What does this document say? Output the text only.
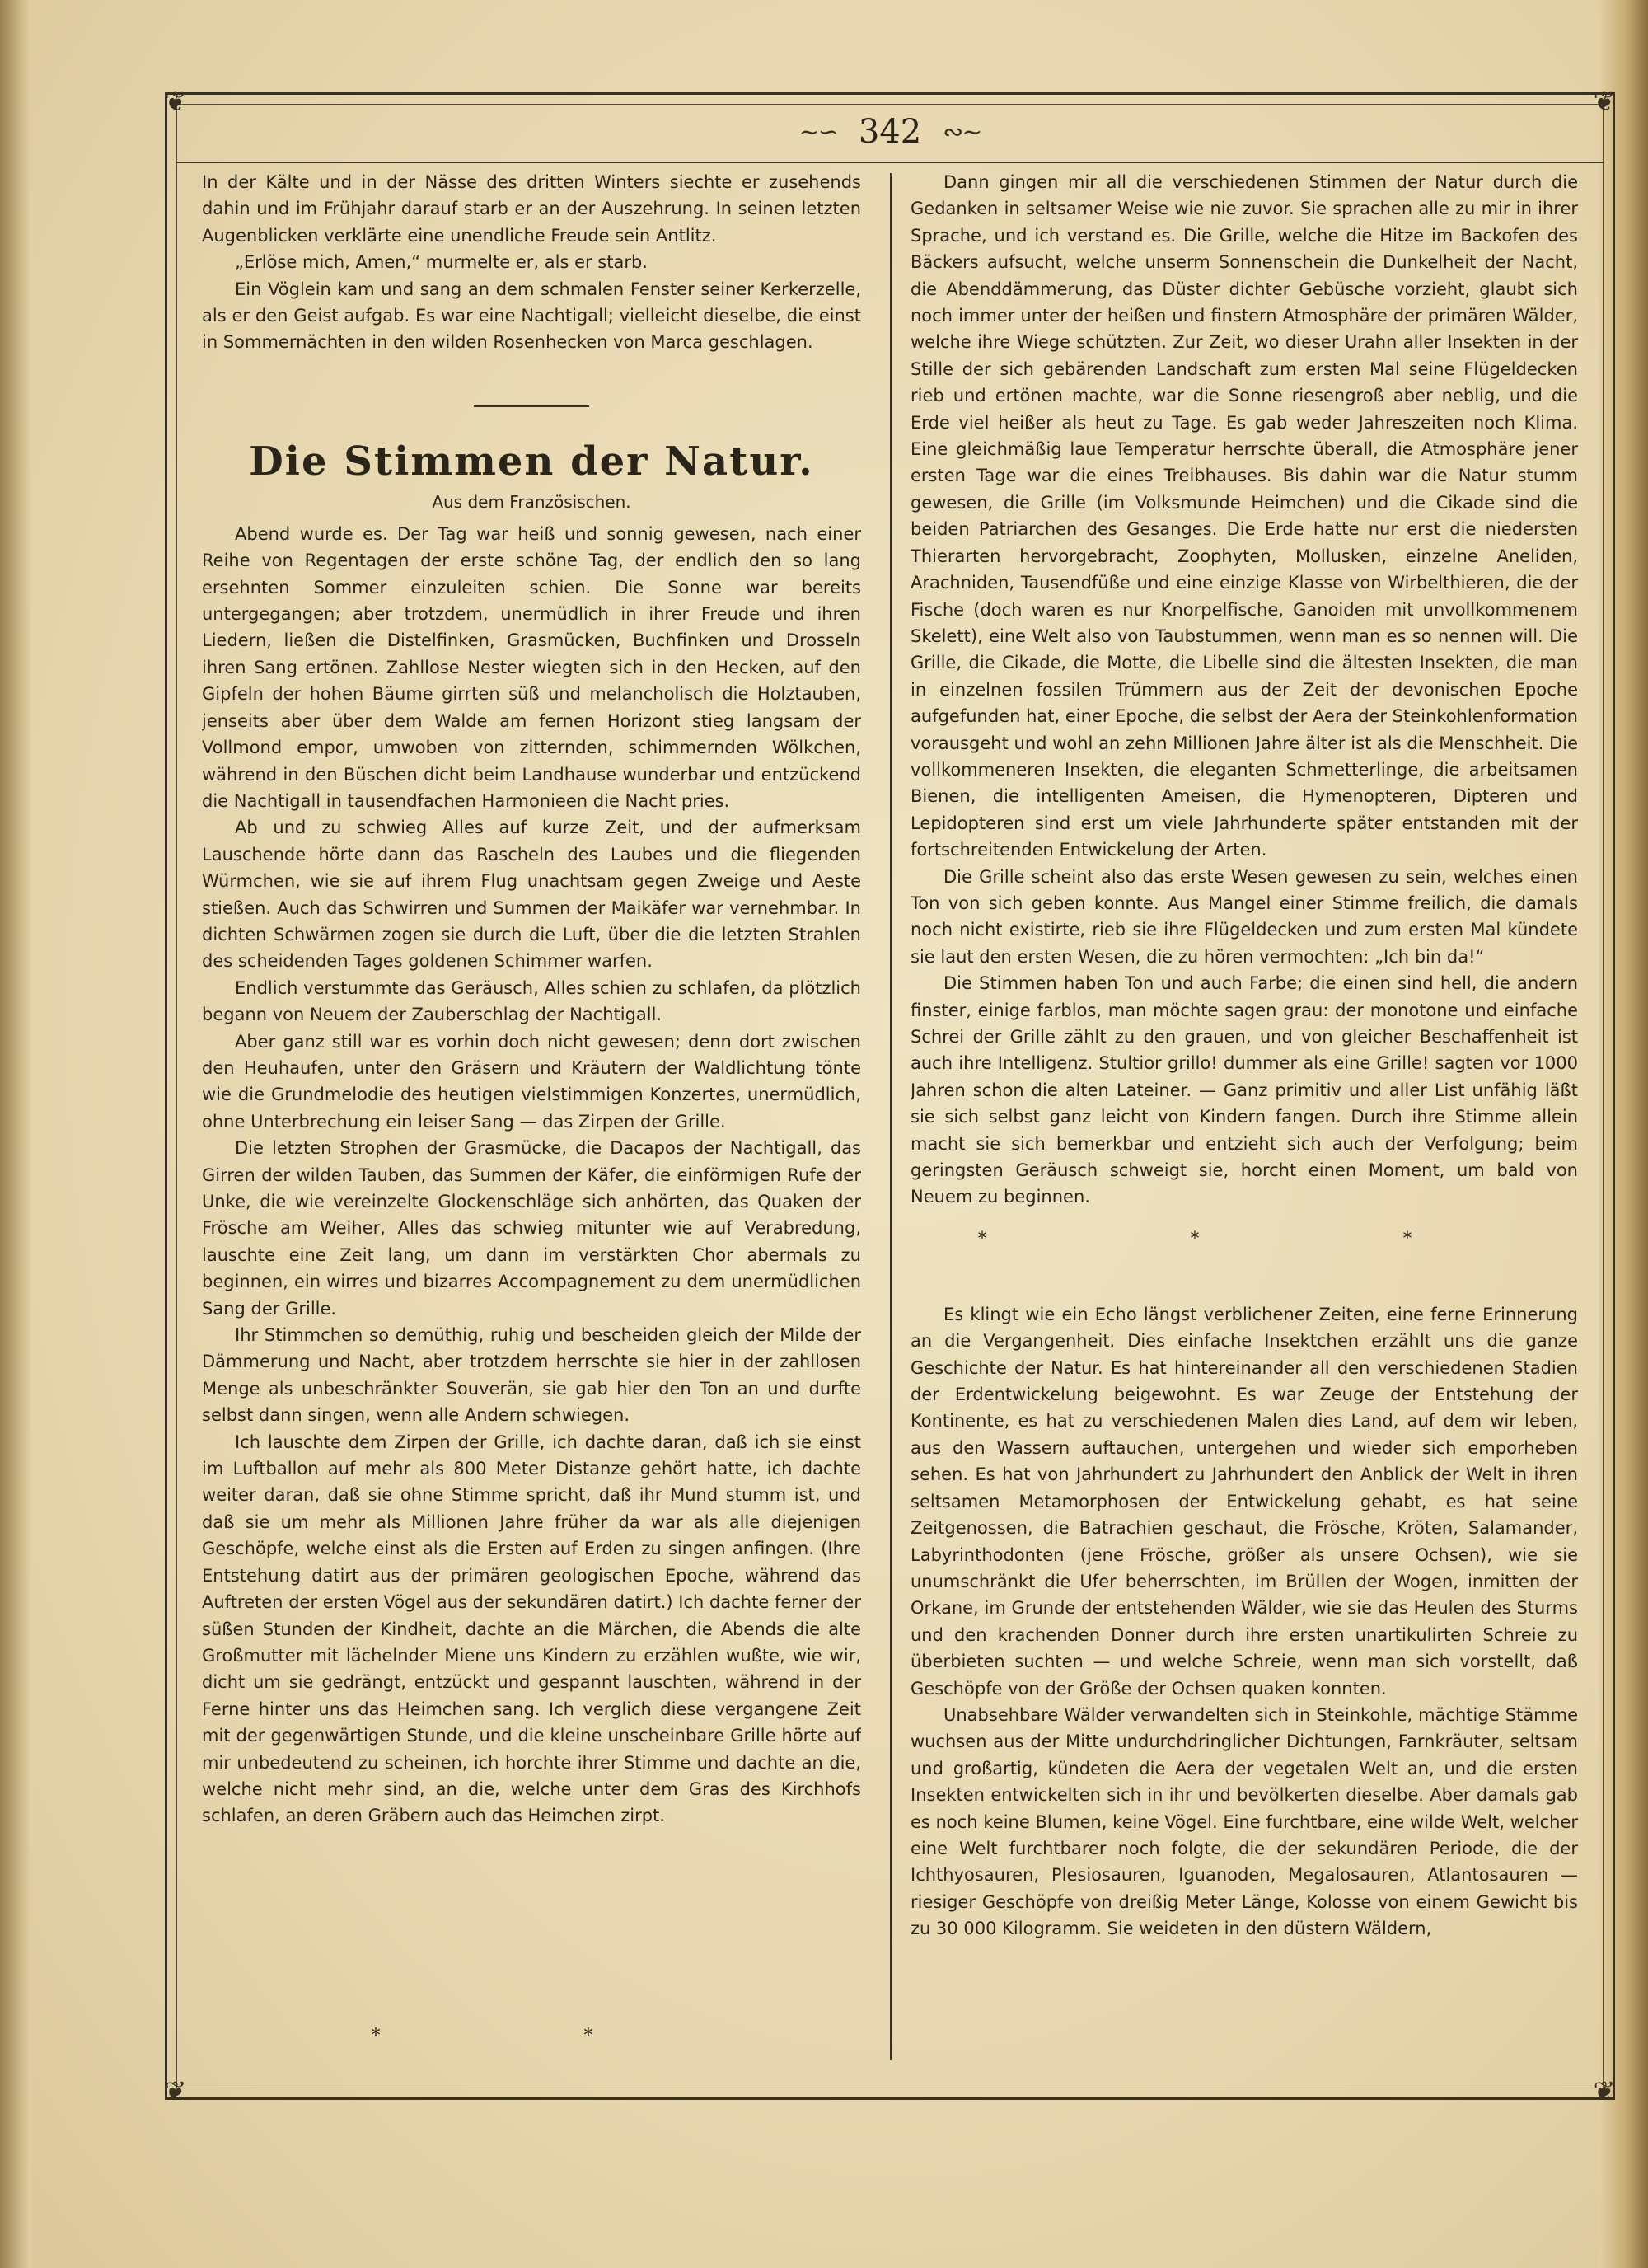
❦	❦
❦	❦
~∽ 342 ∾~

In der Kälte und in der Nässe des dritten Winters siechte er zusehends dahin und im Frühjahr darauf starb er an der Auszehrung. In seinen letzten Augenblicken verklärte eine unendliche Freude sein Antlitz.

„Erlöse mich, Amen,“ murmelte er, als er starb.

Ein Vöglein kam und sang an dem schmalen Fenster seiner Kerkerzelle, als er den Geist aufgab. Es war eine Nachtigall; vielleicht dieselbe, die einst in Sommernächten in den wilden Rosenhecken von Marca geschlagen.

Die Stimmen der Natur.
Aus dem Französischen.

Abend wurde es. Der Tag war heiß und sonnig gewesen, nach einer Reihe von Regentagen der erste schöne Tag, der endlich den so lang ersehnten Sommer einzuleiten schien. Die Sonne war bereits untergegangen; aber trotzdem, unermüdlich in ihrer Freude und ihren Liedern, ließen die Distelfinken, Grasmücken, Buchfinken und Drosseln ihren Sang ertönen. Zahllose Nester wiegten sich in den Hecken, auf den Gipfeln der hohen Bäume girrten süß und melancholisch die Holztauben, jenseits aber über dem Walde am fernen Horizont stieg langsam der Vollmond empor, umwoben von zitternden, schimmernden Wölkchen, während in den Büschen dicht beim Landhause wunderbar und entzückend die Nachtigall in tausendfachen Harmonieen die Nacht pries.

Ab und zu schwieg Alles auf kurze Zeit, und der aufmerksam Lauschende hörte dann das Rascheln des Laubes und die fliegenden Würmchen, wie sie auf ihrem Flug unachtsam gegen Zweige und Aeste stießen. Auch das Schwirren und Summen der Maikäfer war vernehmbar. In dichten Schwärmen zogen sie durch die Luft, über die die letzten Strahlen des scheidenden Tages goldenen Schimmer warfen.

Endlich verstummte das Geräusch, Alles schien zu schlafen, da plötzlich begann von Neuem der Zauberschlag der Nachtigall.

Aber ganz still war es vorhin doch nicht gewesen; denn dort zwischen den Heuhaufen, unter den Gräsern und Kräutern der Waldlichtung tönte wie die Grundmelodie des heutigen vielstimmigen Konzertes, unermüdlich, ohne Unterbrechung ein leiser Sang — das Zirpen der Grille.

Die letzten Strophen der Grasmücke, die Dacapos der Nachtigall, das Girren der wilden Tauben, das Summen der Käfer, die einförmigen Rufe der Unke, die wie vereinzelte Glockenschläge sich anhörten, das Quaken der Frösche am Weiher, Alles das schwieg mitunter wie auf Verabredung, lauschte eine Zeit lang, um dann im verstärkten Chor abermals zu beginnen, ein wirres und bizarres Accompagnement zu dem unermüdlichen Sang der Grille.

Ihr Stimmchen so demüthig, ruhig und bescheiden gleich der Milde der Dämmerung und Nacht, aber trotzdem herrschte sie hier in der zahllosen Menge als unbeschränkter Souverän, sie gab hier den Ton an und durfte selbst dann singen, wenn alle Andern schwiegen.

Ich lauschte dem Zirpen der Grille, ich dachte daran, daß ich sie einst im Luftballon auf mehr als 800 Meter Distanze gehört hatte, ich dachte weiter daran, daß sie ohne Stimme spricht, daß ihr Mund stumm ist, und daß sie um mehr als Millionen Jahre früher da war als alle diejenigen Geschöpfe, welche einst als die Ersten auf Erden zu singen anfingen. (Ihre Entstehung datirt aus der primären geologischen Epoche, während das Auftreten der ersten Vögel aus der sekundären datirt.) Ich dachte ferner der süßen Stunden der Kindheit, dachte an die Märchen, die Abends die alte Großmutter mit lächelnder Miene uns Kindern zu erzählen wußte, wie wir, dicht um sie gedrängt, entzückt und gespannt lauschten, während in der Ferne hinter uns das Heimchen sang. Ich verglich diese vergangene Zeit mit der gegenwärtigen Stunde, und die kleine unscheinbare Grille hörte auf mir unbedeutend zu scheinen, ich horchte ihrer Stimme und dachte an die, welche nicht mehr sind, an die, welche unter dem Gras des Kirchhofs schlafen, an deren Gräbern auch das Heimchen zirpt.

* *

Dann gingen mir all die verschiedenen Stimmen der Natur durch die Gedanken in seltsamer Weise wie nie zuvor. Sie sprachen alle zu mir in ihrer Sprache, und ich verstand es. Die Grille, welche die Hitze im Backofen des Bäckers aufsucht, welche unserm Sonnenschein die Dunkelheit der Nacht, die Abenddämmerung, das Düster dichter Gebüsche vorzieht, glaubt sich noch immer unter der heißen und finstern Atmosphäre der primären Wälder, welche ihre Wiege schützten. Zur Zeit, wo dieser Urahn aller Insekten in der Stille der sich gebärenden Landschaft zum ersten Mal seine Flügeldecken rieb und ertönen machte, war die Sonne riesengroß aber neblig, und die Erde viel heißer als heut zu Tage. Es gab weder Jahreszeiten noch Klima. Eine gleichmäßig laue Temperatur herrschte überall, die Atmosphäre jener ersten Tage war die eines Treibhauses. Bis dahin war die Natur stumm gewesen, die Grille (im Volksmunde Heimchen) und die Cikade sind die beiden Patriarchen des Gesanges. Die Erde hatte nur erst die niedersten Thierarten hervorgebracht, Zoophyten, Mollusken, einzelne Aneliden, Arachniden, Tausendfüße und eine einzige Klasse von Wirbelthieren, die der Fische (doch waren es nur Knorpelfische, Ganoiden mit unvollkommenem Skelett), eine Welt also von Taubstummen, wenn man es so nennen will. Die Grille, die Cikade, die Motte, die Libelle sind die ältesten Insekten, die man in einzelnen fossilen Trümmern aus der Zeit der devonischen Epoche aufgefunden hat, einer Epoche, die selbst der Aera der Steinkohlenformation vorausgeht und wohl an zehn Millionen Jahre älter ist als die Menschheit. Die vollkommeneren Insekten, die eleganten Schmetterlinge, die arbeitsamen Bienen, die intelligenten Ameisen, die Hymenopteren, Dipteren und Lepidopteren sind erst um viele Jahrhunderte später entstanden mit der fortschreitenden Entwickelung der Arten.

Die Grille scheint also das erste Wesen gewesen zu sein, welches einen Ton von sich geben konnte. Aus Mangel einer Stimme freilich, die damals noch nicht existirte, rieb sie ihre Flügeldecken und zum ersten Mal kündete sie laut den ersten Wesen, die zu hören vermochten: „Ich bin da!“

Die Stimmen haben Ton und auch Farbe; die einen sind hell, die andern finster, einige farblos, man möchte sagen grau: der monotone und einfache Schrei der Grille zählt zu den grauen, und von gleicher Beschaffenheit ist auch ihre Intelligenz. Stultior grillo! dummer als eine Grille! sagten vor 1000 Jahren schon die alten Lateiner. — Ganz primitiv und aller List unfähig läßt sie sich selbst ganz leicht von Kindern fangen. Durch ihre Stimme allein macht sie sich bemerkbar und entzieht sich auch der Verfolgung; beim geringsten Geräusch schweigt sie, horcht einen Moment, um bald von Neuem zu beginnen.

* * *

Es klingt wie ein Echo längst verblichener Zeiten, eine ferne Erinnerung an die Vergangenheit. Dies einfache Insektchen erzählt uns die ganze Geschichte der Natur. Es hat hintereinander all den verschiedenen Stadien der Erdentwickelung beigewohnt. Es war Zeuge der Entstehung der Kontinente, es hat zu verschiedenen Malen dies Land, auf dem wir leben, aus den Wassern auftauchen, untergehen und wieder sich emporheben sehen. Es hat von Jahrhundert zu Jahrhundert den Anblick der Welt in ihren seltsamen Metamorphosen der Entwickelung gehabt, es hat seine Zeitgenossen, die Batrachien geschaut, die Frösche, Kröten, Salamander, Labyrinthodonten (jene Frösche, größer als unsere Ochsen), wie sie unumschränkt die Ufer beherrschten, im Brüllen der Wogen, inmitten der Orkane, im Grunde der entstehenden Wälder, wie sie das Heulen des Sturms und den krachenden Donner durch ihre ersten unartikulirten Schreie zu überbieten suchten — und welche Schreie, wenn man sich vorstellt, daß Geschöpfe von der Größe der Ochsen quaken konnten.

Unabsehbare Wälder verwandelten sich in Steinkohle, mächtige Stämme wuchsen aus der Mitte undurchdringlicher Dichtungen, Farnkräuter, seltsam und großartig, kündeten die Aera der vegetalen Welt an, und die ersten Insekten entwickelten sich in ihr und bevölkerten dieselbe. Aber damals gab es noch keine Blumen, keine Vögel. Eine furchtbare, eine wilde Welt, welcher eine Welt furchtbarer noch folgte, die der sekundären Periode, die der Ichthyosauren, Plesiosauren, Iguanoden, Megalosauren, Atlantosauren — riesiger Geschöpfe von dreißig Meter Länge, Kolosse von einem Gewicht bis zu 30 000 Kilogramm. Sie weideten in den düstern Wäldern,
